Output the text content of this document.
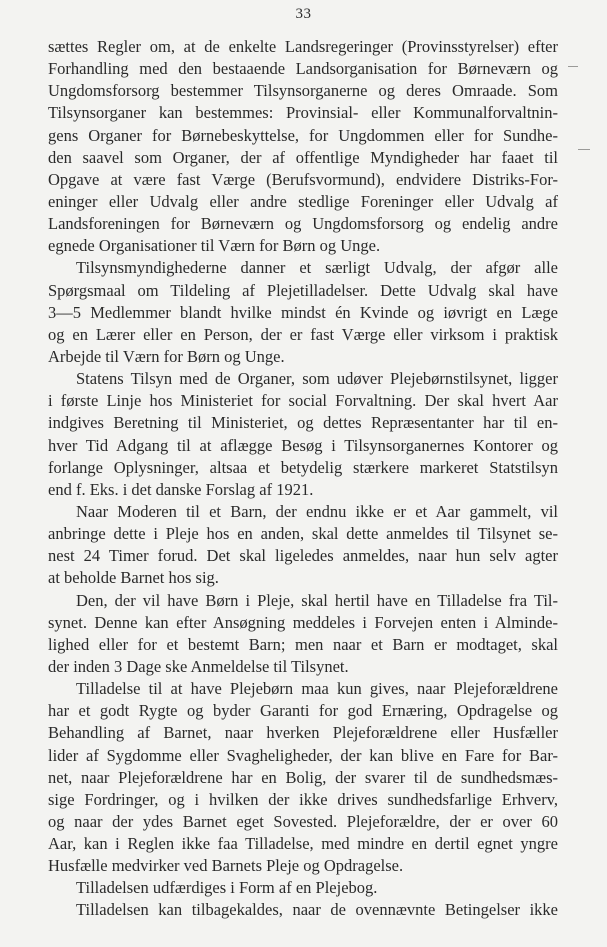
33
sættes Regler om, at de enkelte Landsregeringer (Provinsstyrelser) efter
Forhandling med den bestaaende Landsorganisation for Børneværn og
Ungdomsforsorg bestemmer Tilsynsorganerne og deres Omraade. Som
Tilsynsorganer kan bestemmes: Provinsial- eller Kommunalforvaltnin-
gens Organer for Børnebeskyttelse, for Ungdommen eller for Sundhe-
den saavel som Organer, der af offentlige Myndigheder har faaet til
Opgave at være fast Værge (Berufsvormund), endvidere Distriks-For-
eninger eller Udvalg eller andre stedlige Foreninger eller Udvalg af
Landsforeningen for Børneværn og Ungdomsforsorg og endelig andre
egnede Organisationer til Værn for Børn og Unge.
Tilsynsmyndighederne danner et særligt Udvalg, der afgør alle
Spørgsmaal om Tildeling af Plejetilladelser. Dette Udvalg skal have
3—5 Medlemmer blandt hvilke mindst én Kvinde og iøvrigt en Læge
og en Lærer eller en Person, der er fast Værge eller virksom i praktisk
Arbejde til Værn for Børn og Unge.
Statens Tilsyn med de Organer, som udøver Plejebørnstilsynet, ligger
i første Linje hos Ministeriet for social Forvaltning. Der skal hvert Aar
indgives Beretning til Ministeriet, og dettes Repræsentanter har til en-
hver Tid Adgang til at aflægge Besøg i Tilsynsorganernes Kontorer og
forlange Oplysninger, altsaa et betydelig stærkere markeret Statstilsyn
end f. Eks. i det danske Forslag af 1921.
Naar Moderen til et Barn, der endnu ikke er et Aar gammelt, vil
anbringe dette i Pleje hos en anden, skal dette anmeldes til Tilsynet se-
nest 24 Timer forud. Det skal ligeledes anmeldes, naar hun selv agter
at beholde Barnet hos sig.
Den, der vil have Børn i Pleje, skal hertil have en Tilladelse fra Til-
synet. Denne kan efter Ansøgning meddeles i Forvejen enten i Alminde-
lighed eller for et bestemt Barn; men naar et Barn er modtaget, skal
der inden 3 Dage ske Anmeldelse til Tilsynet.
Tilladelse til at have Plejebørn maa kun gives, naar Plejeforældrene
har et godt Rygte og byder Garanti for god Ernæring, Opdragelse og
Behandling af Barnet, naar hverken Plejeforældrene eller Husfæller
lider af Sygdomme eller Svagheligheder, der kan blive en Fare for Bar-
net, naar Plejeforældrene har en Bolig, der svarer til de sundhedsmæs-
sige Fordringer, og i hvilken der ikke drives sundhedsfarlige Erhverv,
og naar der ydes Barnet eget Sovested. Plejeforældre, der er over 60
Aar, kan i Reglen ikke faa Tilladelse, med mindre en dertil egnet yngre
Husfælle medvirker ved Barnets Pleje og Opdragelse.
Tilladelsen udfærdiges i Form af en Plejebog.
Tilladelsen kan tilbagekaldes, naar de ovennævnte Betingelser ikke
